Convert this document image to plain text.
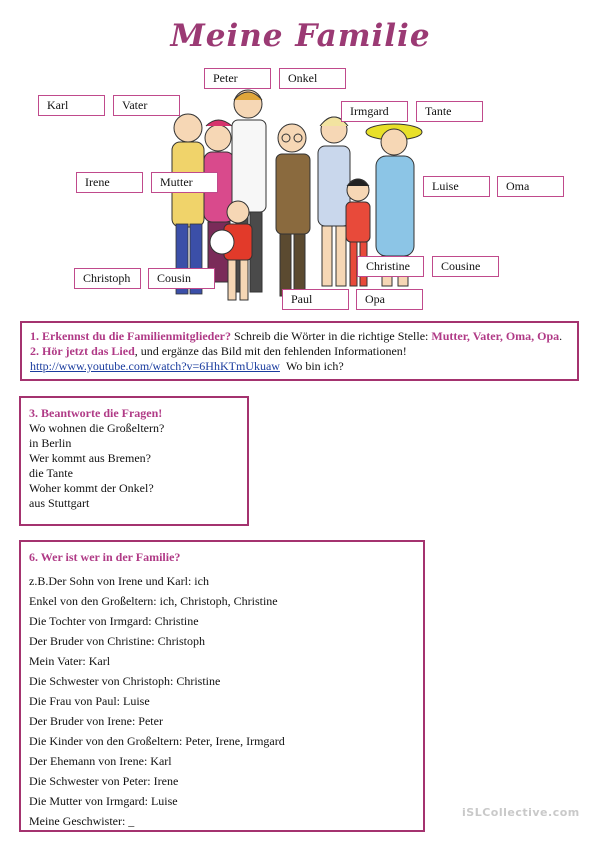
Meine Familie
Peter	Onkel
Karl	Vater	Irmgard	Tante
Irene	Mutter	Luise	Oma
Christine	Cousine
Christoph	Cousin
Paul	Opa
1. Erkennst du die Familienmitglieder? Schreib die Wörter in die richtige Stelle: Mutter, Vater, Oma, Opa.
2. Hör jetzt das Lied, und ergänze das Bild mit den fehlenden Informationen!
http://www.youtube.com/watch?v=6HhKTmUkuaw Wo bin ich?
3. Beantworte die Fragen!
Wo wohnen die Großeltern?
in Berlin
Wer kommt aus Bremen?
die Tante
Woher kommt der Onkel?
aus Stuttgart
6. Wer ist wer in der Familie?
z.B.Der Sohn von Irene und Karl: ich
Enkel von den Großeltern: ich, Christoph, Christine
Die Tochter von Irmgard: Christine
Der Bruder von Christine: Christoph
Mein Vater: Karl
Die Schwester von Christoph: Christine
Die Frau von Paul: Luise
Der Bruder von Irene: Peter
Die Kinder von den Großeltern: Peter, Irene, Irmgard
Der Ehemann von Irene: Karl
Die Schwester von Peter: Irene
Die Mutter von Irmgard: Luise
Meine Geschwister: _
iSLCollective.com
